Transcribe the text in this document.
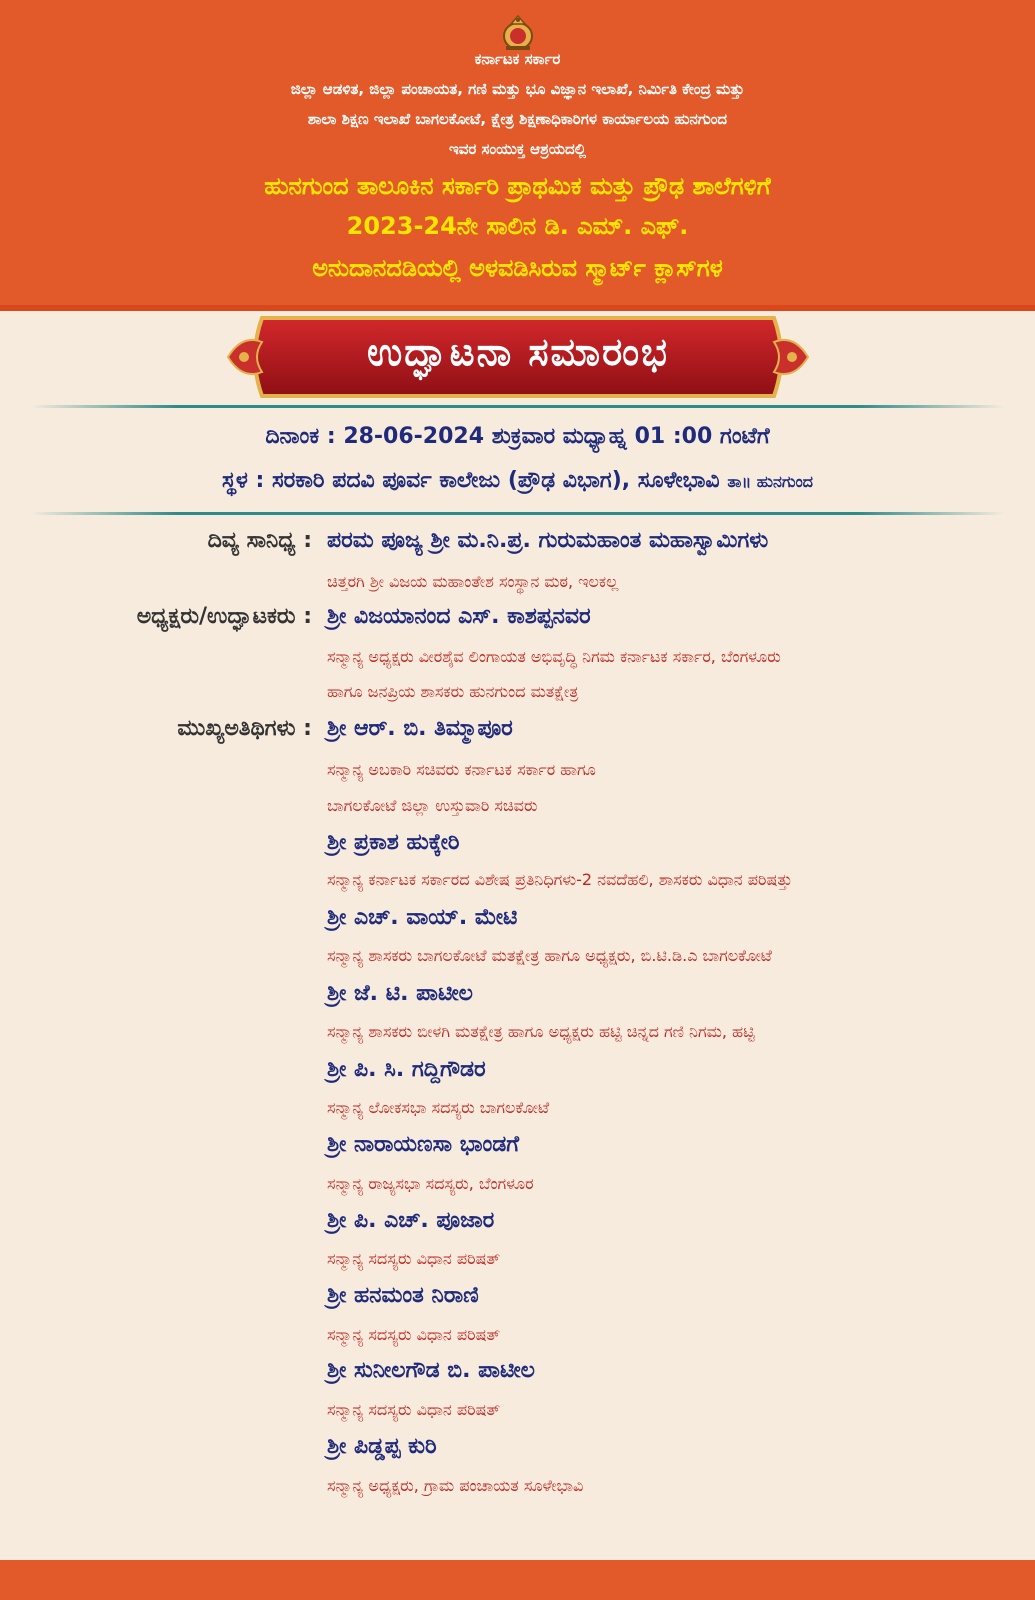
ಕರ್ನಾಟಕ ಸರ್ಕಾರ
ಜಿಲ್ಲಾ ಆಡಳಿತ, ಜಿಲ್ಲಾ ಪಂಚಾಯತ, ಗಣಿ ಮತ್ತು ಭೂ ವಿಜ್ಞಾನ ಇಲಾಖೆ, ನಿರ್ಮಿತಿ ಕೇಂದ್ರ ಮತ್ತು
ಶಾಲಾ ಶಿಕ್ಷಣ ಇಲಾಖೆ ಬಾಗಲಕೋಟೆ, ಕ್ಷೇತ್ರ ಶಿಕ್ಷಣಾಧಿಕಾರಿಗಳ ಕಾರ್ಯಾಲಯ ಹುನಗುಂದ
ಇವರ ಸಂಯುಕ್ತ ಆಶ್ರಯದಲ್ಲಿ
ಹುನಗುಂದ ತಾಲೂಕಿನ ಸರ್ಕಾರಿ ಪ್ರಾಥಮಿಕ ಮತ್ತು ಪ್ರೌಢ ಶಾಲೆಗಳಿಗೆ
2023-24ನೇ ಸಾಲಿನ ಡಿ. ಎಮ್. ಎಫ್.
ಅನುದಾನದಡಿಯಲ್ಲಿ ಅಳವಡಿಸಿರುವ ಸ್ಮಾರ್ಟ್ ಕ್ಲಾಸ್‌ಗಳ
ಉದ್ಘಾಟನಾ ಸಮಾರಂಭ
ದಿನಾಂಕ : 28-06-2024 ಶುಕ್ರವಾರ ಮಧ್ಯಾಹ್ನ 01 :00 ಗಂಟೆಗೆ
ಸ್ಥಳ : ಸರಕಾರಿ ಪದವಿ ಪೂರ್ವ ಕಾಲೇಜು (ಪ್ರೌಢ ವಿಭಾಗ), ಸೂಳೇಭಾವಿ ತಾ॥ ಹುನಗುಂದ
ದಿವ್ಯ ಸಾನಿಧ್ಯ : ಪರಮ ಪೂಜ್ಯ ಶ್ರೀ ಮ.ನಿ.ಪ್ರ. ಗುರುಮಹಾಂತ ಮಹಾಸ್ವಾಮಿಗಳು
ಚಿತ್ತರಗಿ ಶ್ರೀ ವಿಜಯ ಮಹಾಂತೇಶ ಸಂಸ್ಥಾನ ಮಠ, ಇಲಕಲ್ಲ
ಅಧ್ಯಕ್ಷರು/ಉದ್ಘಾಟಕರು : ಶ್ರೀ ವಿಜಯಾನಂದ ಎಸ್. ಕಾಶಪ್ಪನವರ
ಸನ್ಮಾನ್ಯ ಅಧ್ಯಕ್ಷರು ವೀರಶೈವ ಲಿಂಗಾಯತ ಅಭಿವೃದ್ಧಿ ನಿಗಮ ಕರ್ನಾಟಕ ಸರ್ಕಾರ, ಬೆಂಗಳೂರು
ಹಾಗೂ ಜನಪ್ರಿಯ ಶಾಸಕರು ಹುನಗುಂದ ಮತಕ್ಷೇತ್ರ
ಮುಖ್ಯಅತಿಥಿಗಳು : ಶ್ರೀ ಆರ್. ಬಿ. ತಿಮ್ಮಾಪೂರ
ಸನ್ಮಾನ್ಯ ಅಬಕಾರಿ ಸಚಿವರು ಕರ್ನಾಟಕ ಸರ್ಕಾರ ಹಾಗೂ
ಬಾಗಲಕೋಟೆ ಜಿಲ್ಲಾ ಉಸ್ತುವಾರಿ ಸಚಿವರು
ಶ್ರೀ ಪ್ರಕಾಶ ಹುಕ್ಕೇರಿ
ಸನ್ಮಾನ್ಯ ಕರ್ನಾಟಕ ಸರ್ಕಾರದ ವಿಶೇಷ ಪ್ರತಿನಿಧಿಗಳು-2 ನವದೆಹಲಿ, ಶಾಸಕರು ವಿಧಾನ ಪರಿಷತ್ತು
ಶ್ರೀ ಎಚ್. ವಾಯ್. ಮೇಟಿ
ಸನ್ಮಾನ್ಯ ಶಾಸಕರು ಬಾಗಲಕೋಟೆ ಮತಕ್ಷೇತ್ರ ಹಾಗೂ ಅಧ್ಯಕ್ಷರು, ಬಿ.ಟಿ.ಡಿ.ಎ ಬಾಗಲಕೋಟೆ
ಶ್ರೀ ಜೆ. ಟಿ. ಪಾಟೀಲ
ಸನ್ಮಾನ್ಯ ಶಾಸಕರು ಬೀಳಗಿ ಮತಕ್ಷೇತ್ರ ಹಾಗೂ ಅಧ್ಯಕ್ಷರು ಹಟ್ಟಿ ಚಿನ್ನದ ಗಣಿ ನಿಗಮ, ಹಟ್ಟಿ
ಶ್ರೀ ಪಿ. ಸಿ. ಗದ್ದಿಗೌಡರ
ಸನ್ಮಾನ್ಯ ಲೋಕಸಭಾ ಸದಸ್ಯರು ಬಾಗಲಕೋಟೆ
ಶ್ರೀ ನಾರಾಯಣಸಾ ಭಾಂಡಗೆ
ಸನ್ಮಾನ್ಯ ರಾಜ್ಯಸಭಾ ಸದಸ್ಯರು, ಬೆಂಗಳೂರ
ಶ್ರೀ ಪಿ. ಎಚ್. ಪೂಜಾರ
ಸನ್ಮಾನ್ಯ ಸದಸ್ಯರು ವಿಧಾನ ಪರಿಷತ್
ಶ್ರೀ ಹನಮಂತ ನಿರಾಣಿ
ಸನ್ಮಾನ್ಯ ಸದಸ್ಯರು ವಿಧಾನ ಪರಿಷತ್
ಶ್ರೀ ಸುನೀಲಗೌಡ ಬಿ. ಪಾಟೀಲ
ಸನ್ಮಾನ್ಯ ಸದಸ್ಯರು ವಿಧಾನ ಪರಿಷತ್
ಶ್ರೀ ಪಿಡ್ಡಪ್ಪ ಕುರಿ
ಸನ್ಮಾನ್ಯ ಅಧ್ಯಕ್ಷರು, ಗ್ರಾಮ ಪಂಚಾಯತ ಸೂಳೇಭಾವಿ
